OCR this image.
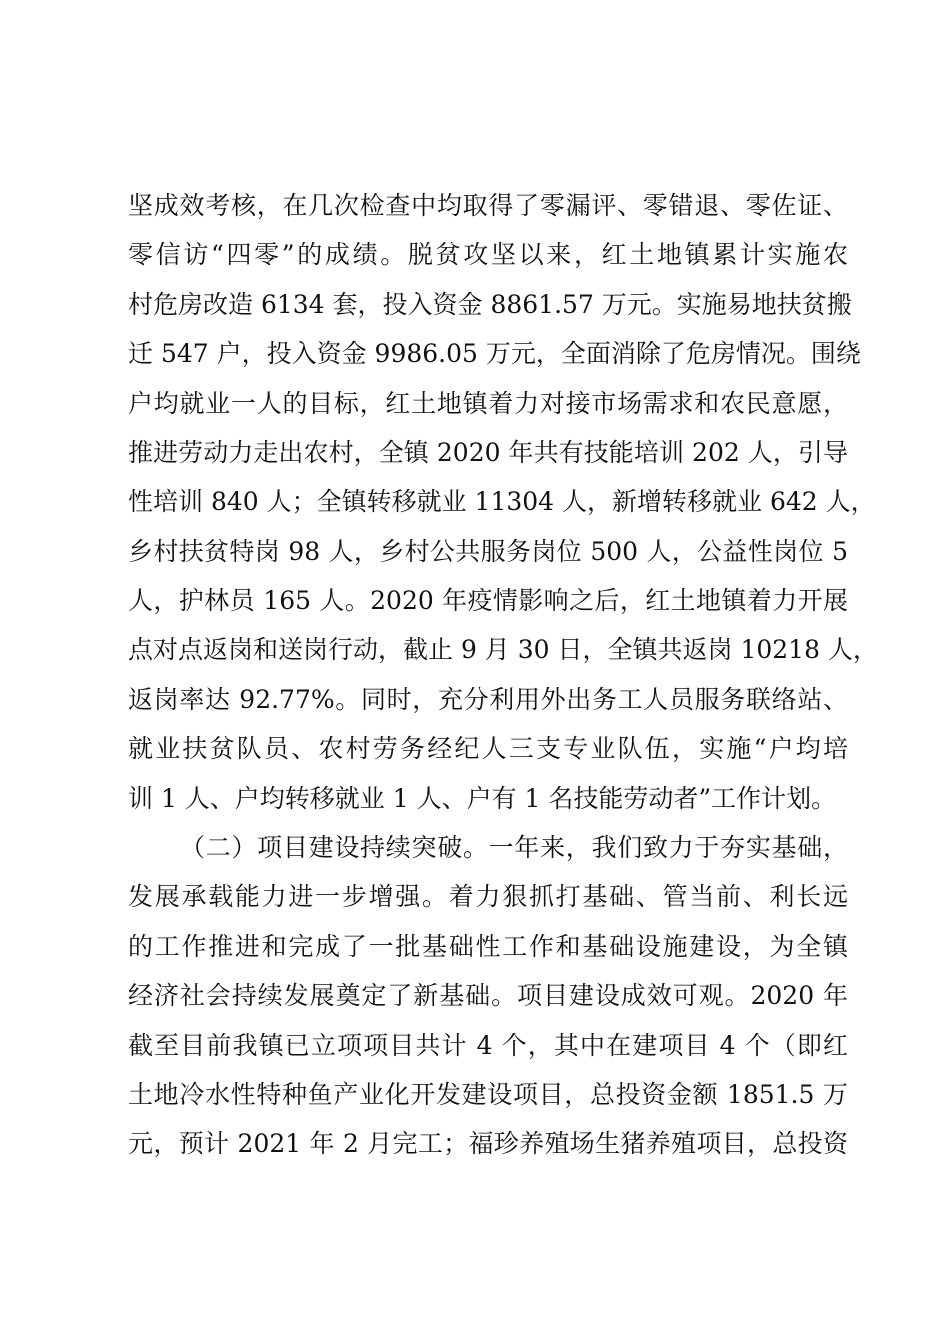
坚成效考核，在几次检查中均取得了零漏评、零错退、零佐证、
零信访“四零”的成绩。脱贫攻坚以来，红土地镇累计实施农
村危房改造 6134 套，投入资金 8861.57 万元。实施易地扶贫搬
迁 547 户，投入资金 9986.05 万元，全面消除了危房情况。围绕
户均就业一人的目标，红土地镇着力对接市场需求和农民意愿，
推进劳动力走出农村，全镇 2020 年共有技能培训 202 人，引导
性培训 840 人；全镇转移就业 11304 人，新增转移就业 642 人，
乡村扶贫特岗 98 人，乡村公共服务岗位 500 人，公益性岗位 5
人，护林员 165 人。2020 年疫情影响之后，红土地镇着力开展
点对点返岗和送岗行动，截止 9 月 30 日，全镇共返岗 10218 人，
返岗率达 92.77%。同时，充分利用外出务工人员服务联络站、
就业扶贫队员、农村劳务经纪人三支专业队伍，实施“户均培
训 1 人、户均转移就业 1 人、户有 1 名技能劳动者”工作计划。
（二）项目建设持续突破。一年来，我们致力于夯实基础，
发展承载能力进一步增强。着力狠抓打基础、管当前、利长远
的工作推进和完成了一批基础性工作和基础设施建设，为全镇
经济社会持续发展奠定了新基础。项目建设成效可观。2020 年
截至目前我镇已立项项目共计 4 个，其中在建项目 4 个（即红
土地冷水性特种鱼产业化开发建设项目，总投资金额 1851.5 万
元，预计 2021 年 2 月完工；福珍养殖场生猪养殖项目，总投资
